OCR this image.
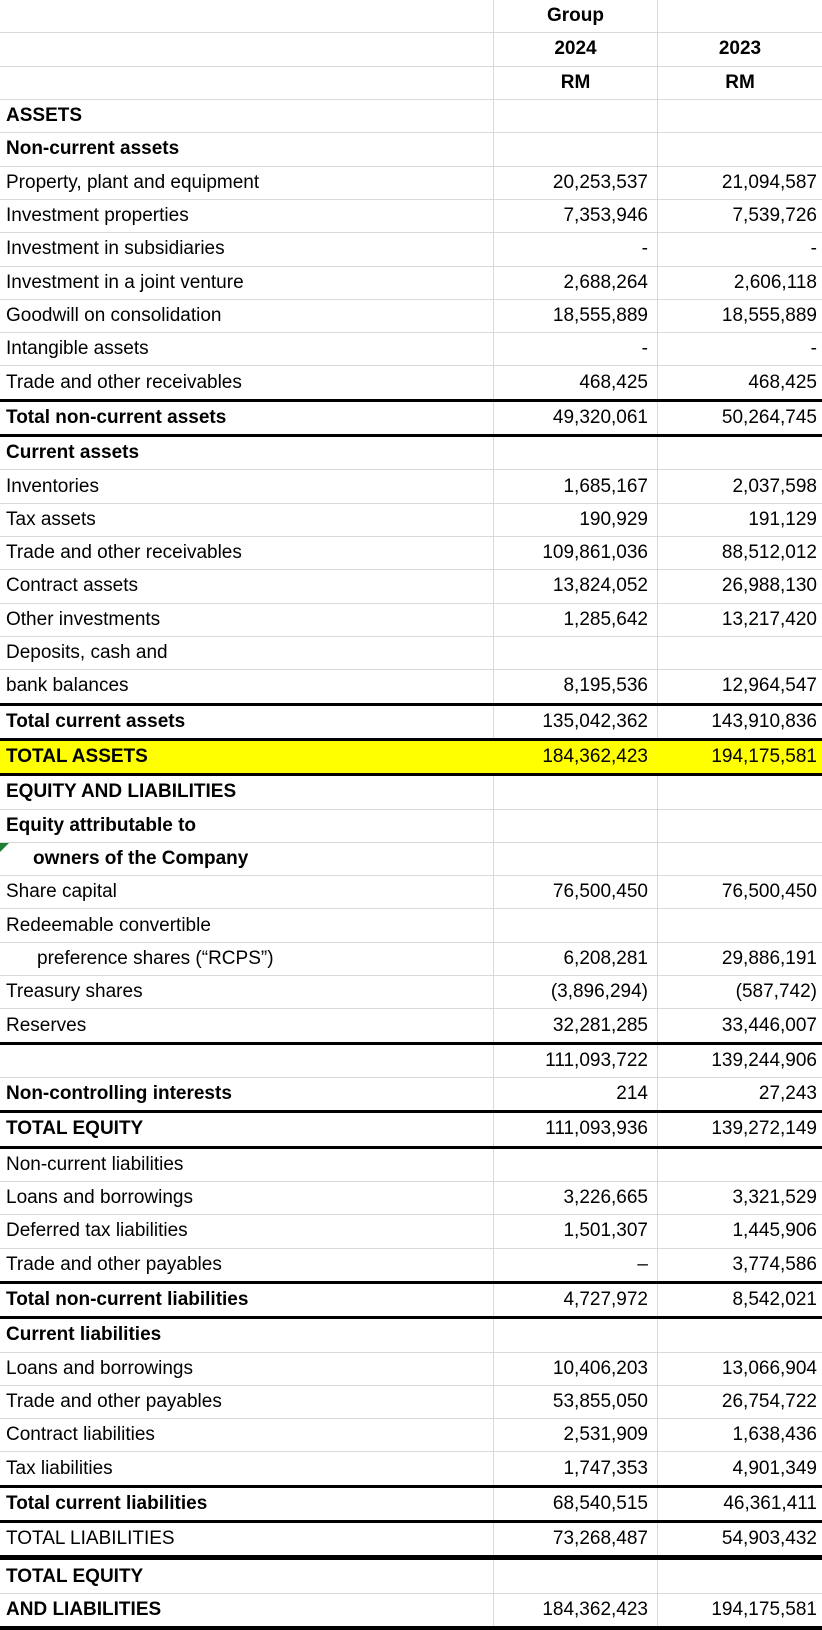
Group
2024	2023
RM	RM
ASSETS
Non-current assets
Property, plant and equipment	20,253,537	21,094,587
Investment properties	7,353,946	7,539,726
Investment in subsidiaries	-	-
Investment in a joint venture	2,688,264	2,606,118
Goodwill on consolidation	18,555,889	18,555,889
Intangible assets	-	-
Trade and other receivables	468,425	468,425
Total non-current assets	49,320,061	50,264,745
Current assets
Inventories	1,685,167	2,037,598
Tax assets	190,929	191,129
Trade and other receivables	109,861,036	88,512,012
Contract assets	13,824,052	26,988,130
Other investments	1,285,642	13,217,420
Deposits, cash and
bank balances	8,195,536	12,964,547
Total current assets	135,042,362	143,910,836
TOTAL ASSETS	184,362,423	194,175,581
EQUITY AND LIABILITIES
Equity attributable to
owners of the Company
Share capital	76,500,450	76,500,450
Redeemable convertible
preference shares (“RCPS”)	6,208,281	29,886,191
Treasury shares	(3,896,294)	(587,742)
Reserves	32,281,285	33,446,007
111,093,722	139,244,906
Non-controlling interests	214	27,243
TOTAL EQUITY	111,093,936	139,272,149
Non-current liabilities
Loans and borrowings	3,226,665	3,321,529
Deferred tax liabilities	1,501,307	1,445,906
Trade and other payables	–	3,774,586
Total non-current liabilities	4,727,972	8,542,021
Current liabilities
Loans and borrowings	10,406,203	13,066,904
Trade and other payables	53,855,050	26,754,722
Contract liabilities	2,531,909	1,638,436
Tax liabilities	1,747,353	4,901,349
Total current liabilities	68,540,515	46,361,411
TOTAL LIABILITIES	73,268,487	54,903,432
TOTAL EQUITY
AND LIABILITIES	184,362,423	194,175,581
